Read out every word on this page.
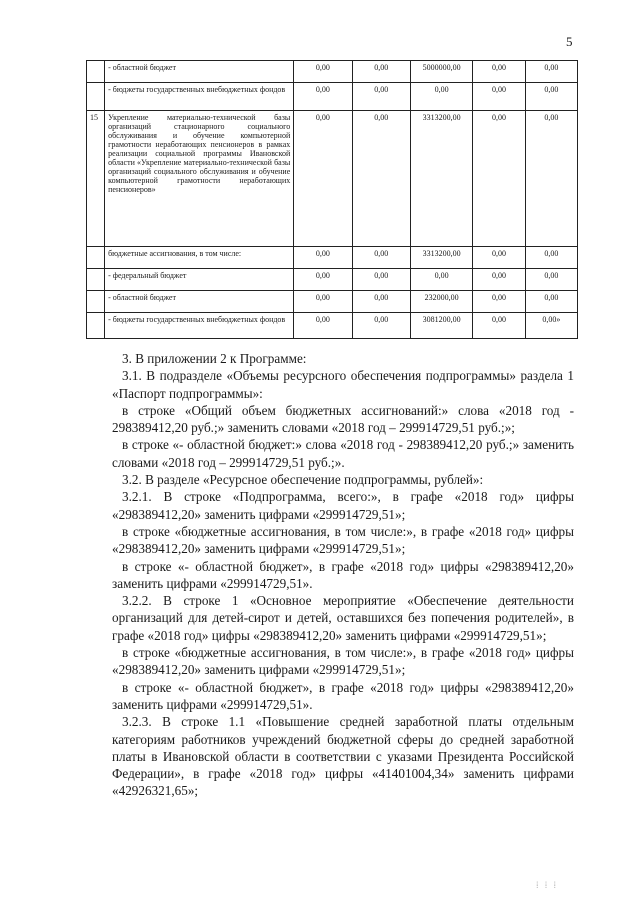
5
	- областной бюджет	0,00	0,00	5000000,00	0,00	0,00
	- бюджеты государственных внебюджетных фондов	0,00	0,00	0,00	0,00	0,00
15	Укрепление материально-технической базы организаций стационарного социального обслуживания и обучение компьютерной грамотности неработающих пенсионеров в рамках реализации социальной программы Ивановской области «Укрепление материально-технической базы организаций социального обслуживания и обучение компьютерной грамотности неработающих пенсионеров»	0,00	0,00	3313200,00	0,00	0,00
	бюджетные ассигнования, в том числе:	0,00	0,00	3313200,00	0,00	0,00
	- федеральный бюджет	0,00	0,00	0,00	0,00	0,00
	- областной бюджет	0,00	0,00	232000,00	0,00	0,00
	- бюджеты государственных внебюджетных фондов	0,00	0,00	3081200,00	0,00	0,00»

3. В приложении 2 к Программе:

3.1. В подразделе «Объемы ресурсного обеспечения подпрограммы» раздела 1 «Паспорт подпрограммы»:

в строке «Общий объем бюджетных ассигнований:» слова «2018 год - 298389412,20 руб.;» заменить словами «2018 год – 299914729,51 руб.;»;

в строке «- областной бюджет:» слова «2018 год - 298389412,20 руб.;» заменить словами «2018 год – 299914729,51 руб.;».

3.2. В разделе «Ресурсное обеспечение подпрограммы, рублей»:

3.2.1. В строке «Подпрограмма, всего:», в графе «2018 год» цифры «298389412,20» заменить цифрами «299914729,51»;

в строке «бюджетные ассигнования, в том числе:», в графе «2018 год» цифры «298389412,20» заменить цифрами «299914729,51»;

в строке «- областной бюджет», в графе «2018 год» цифры «298389412,20» заменить цифрами «299914729,51».

3.2.2. В строке 1 «Основное мероприятие «Обеспечение деятельности организаций для детей-сирот и детей, оставшихся без попечения родителей», в графе «2018 год» цифры «298389412,20» заменить цифрами «299914729,51»;

в строке «бюджетные ассигнования, в том числе:», в графе «2018 год» цифры «298389412,20» заменить цифрами «299914729,51»;

в строке «- областной бюджет», в графе «2018 год» цифры «298389412,20» заменить цифрами «299914729,51».

3.2.3. В строке 1.1 «Повышение средней заработной платы отдельным категориям работников учреждений бюджетной сферы до средней заработной платы в Ивановской области в соответствии с указами Президента Российской Федерации», в графе «2018 год» цифры «41401004,34» заменить цифрами «42926321,65»;

⁞ ⁞ ⁞
